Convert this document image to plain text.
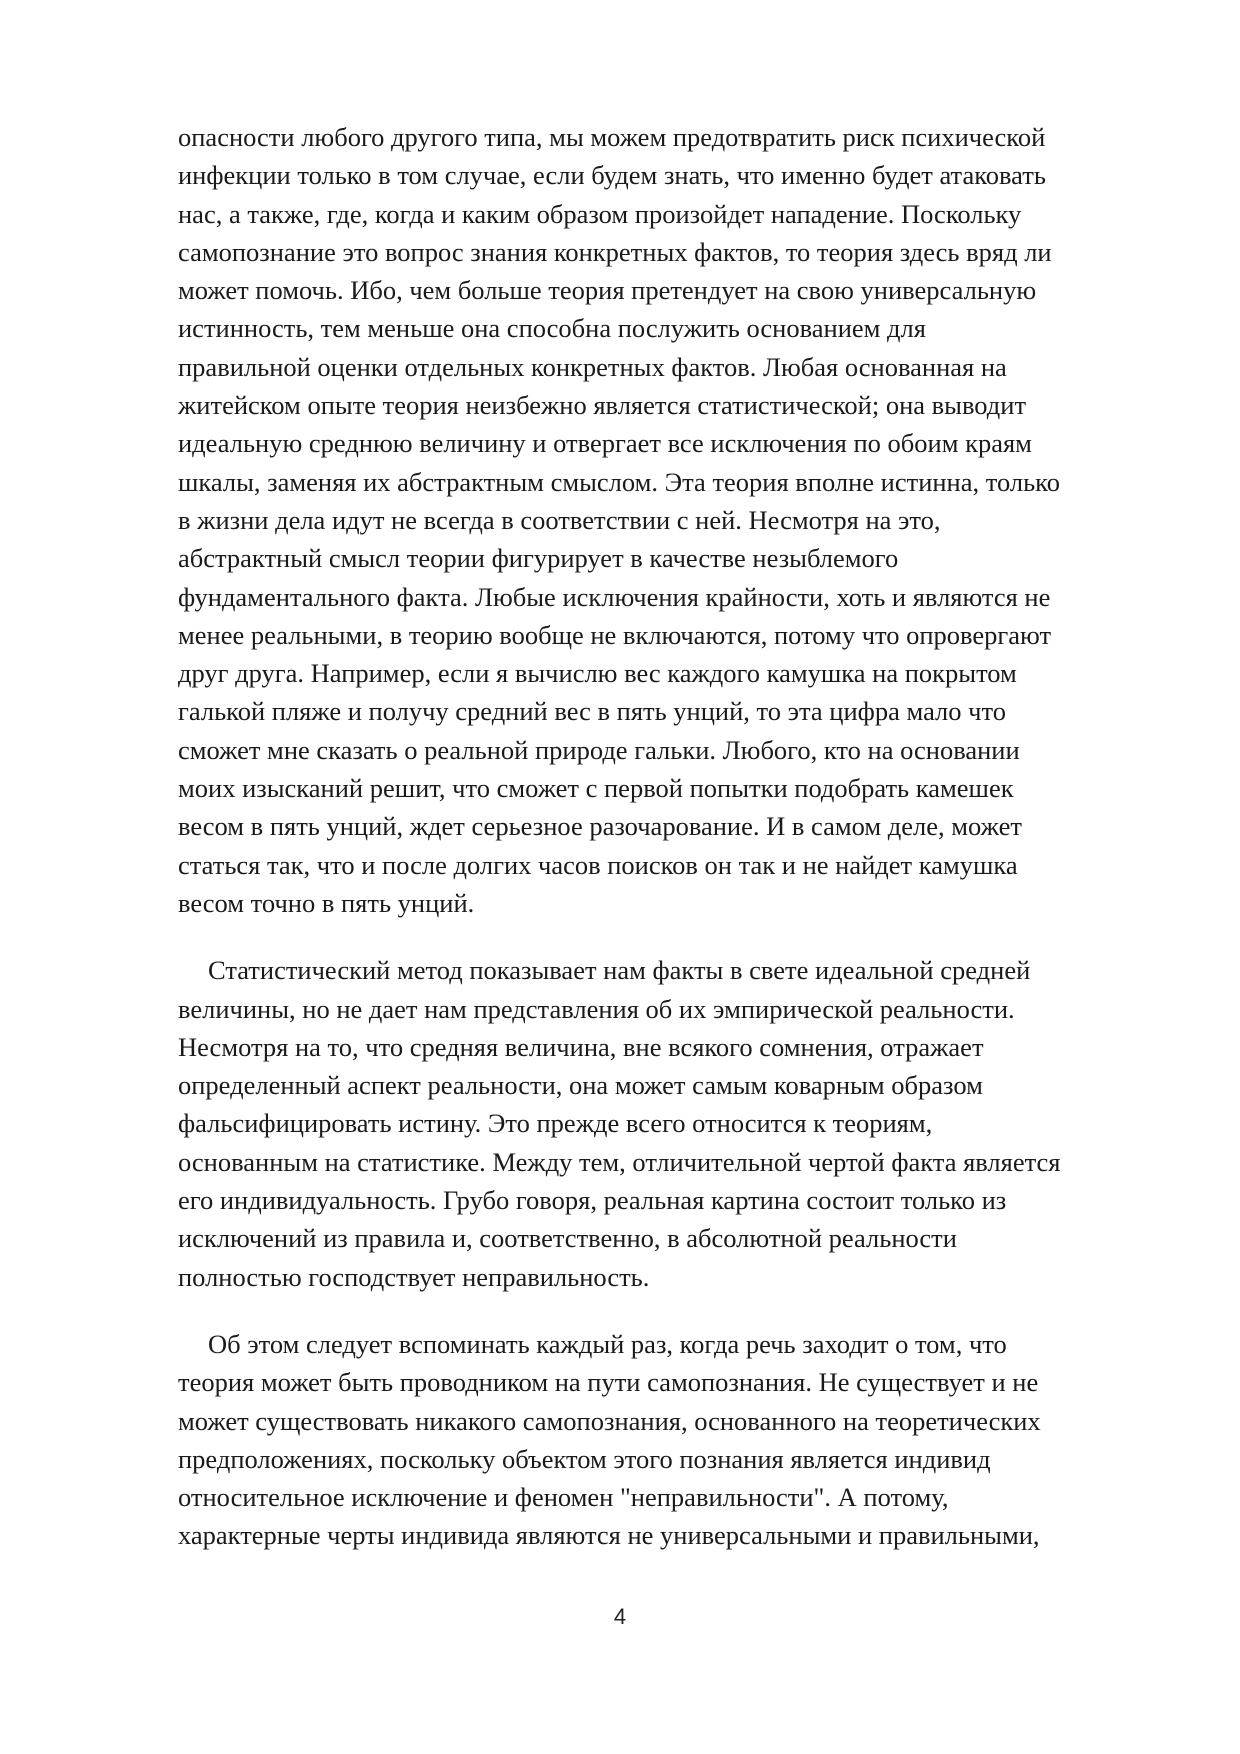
опасности любого другого типа, мы можем предотвратить риск психической
инфекции только в том случае, если будем знать, что именно будет атаковать
нас, а также, где, когда и каким образом произойдет нападение. Поскольку
самопознание это вопрос знания конкретных фактов, то теория здесь вряд ли
может помочь. Ибо, чем больше теория претендует на свою универсальную
истинность, тем меньше она способна послужить основанием для
правильной оценки отдельных конкретных фактов. Любая основанная на
житейском опыте теория неизбежно является статистической; она выводит
идеальную среднюю величину и отвергает все исключения по обоим краям
шкалы, заменяя их абстрактным смыслом. Эта теория вполне истинна, только
в жизни дела идут не всегда в соответствии с ней. Несмотря на это,
абстрактный смысл теории фигурирует в качестве незыблемого
фундаментального факта. Любые исключения крайности, хоть и являются не
менее реальными, в теорию вообще не включаются, потому что опровергают
друг друга. Например, если я вычислю вес каждого камушка на покрытом
галькой пляже и получу средний вес в пять унций, то эта цифра мало что
сможет мне сказать о реальной природе гальки. Любого, кто на основании
моих изысканий решит, что сможет с первой попытки подобрать камешек
весом в пять унций, ждет серьезное разочарование. И в самом деле, может
статься так, что и после долгих часов поисков он так и не найдет камушка
весом точно в пять унций.
Статистический метод показывает нам факты в свете идеальной средней
величины, но не дает нам представления об их эмпирической реальности.
Несмотря на то, что средняя величина, вне всякого сомнения, отражает
определенный аспект реальности, она может самым коварным образом
фальсифицировать истину. Это прежде всего относится к теориям,
основанным на статистике. Между тем, отличительной чертой факта является
его индивидуальность. Грубо говоря, реальная картина состоит только из
исключений из правила и, соответственно, в абсолютной реальности
полностью господствует неправильность.
Об этом следует вспоминать каждый раз, когда речь заходит о том, что
теория может быть проводником на пути самопознания. Не существует и не
может существовать никакого самопознания, основанного на теоретических
предположениях, поскольку объектом этого познания является индивид
относительное исключение и феномен "неправильности". А потому,
характерные черты индивида являются не универсальными и правильными,
4
